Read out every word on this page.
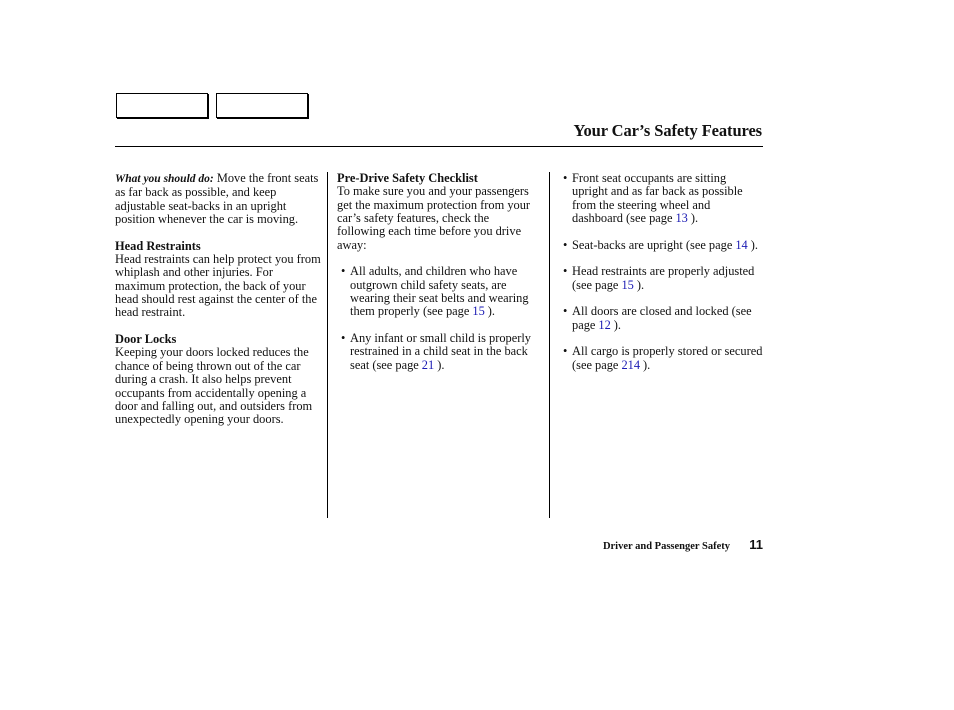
Your Car’s Safety Features

What you should do: Move the front seats as far back as possible, and keep adjustable seat-backs in an upright position whenever the car is moving.

Head Restraints
Head restraints can help protect you from whiplash and other injuries. For maximum protection, the back of your head should rest against the center of the head restraint.

Door Locks
Keeping your doors locked reduces the chance of being thrown out of the car during a crash. It also helps prevent occupants from accidentally opening a door and falling out, and outsiders from unexpectedly opening your doors.

Pre-Drive Safety Checklist
To make sure you and your passengers get the maximum protection from your car’s safety features, check the following each time before you drive away:
• All adults, and children who have outgrown child safety seats, are wearing their seat belts and wearing them properly (see page 15 ).
• Any infant or small child is properly restrained in a child seat in the back seat (see page 21 ).
• Front seat occupants are sitting upright and as far back as possible from the steering wheel and dashboard (see page 13 ).
• Seat-backs are upright (see page 14 ).
• Head restraints are properly adjusted (see page 15 ).
• All doors are closed and locked (see page 12 ).
• All cargo is properly stored or secured (see page 214 ).
Driver and Passenger Safety 11
